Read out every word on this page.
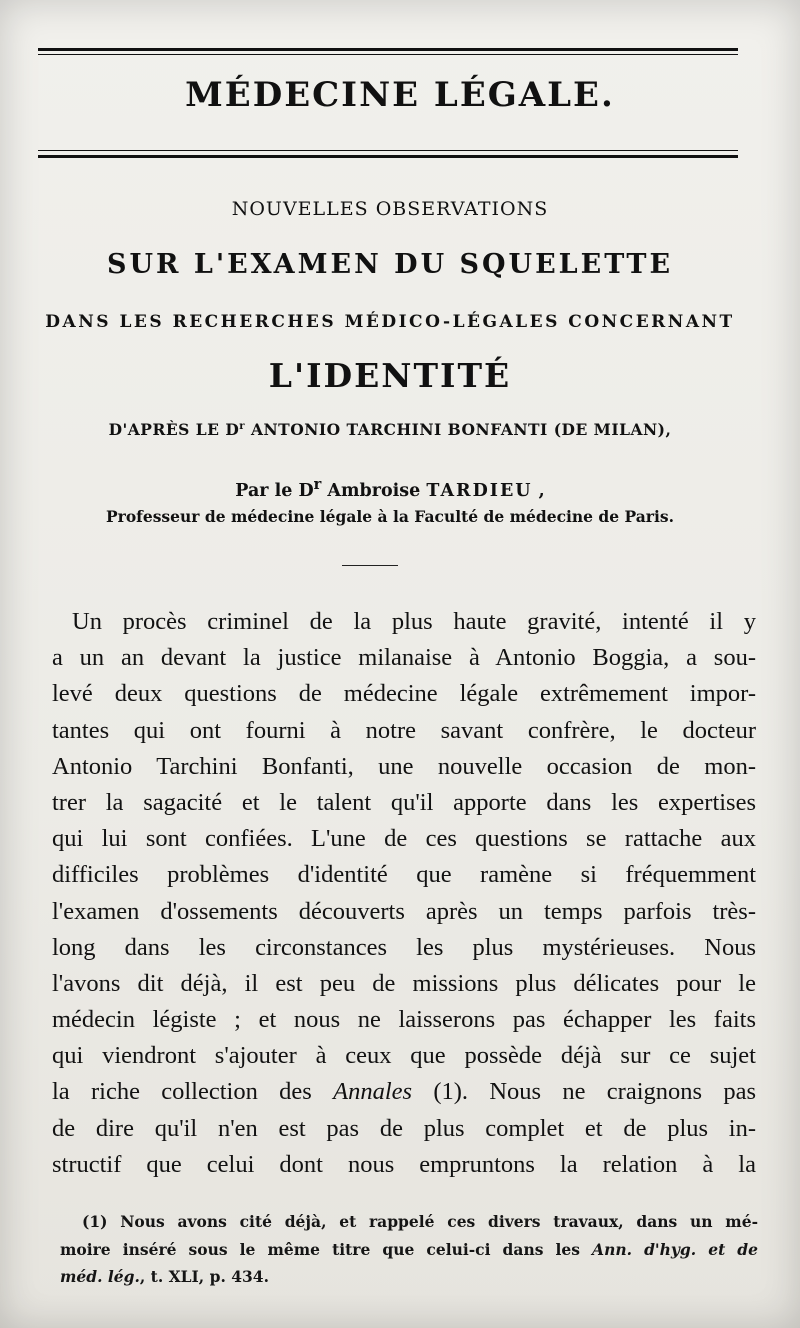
MÉDECINE LÉGALE.
NOUVELLES OBSERVATIONS
SUR L'EXAMEN DU SQUELETTE
DANS LES RECHERCHES MÉDICO-LÉGALES CONCERNANT
L'IDENTITÉ
D'APRÈS LE $D^r$ ANTONIO TARCHINI BONFANTI (DE MILAN),
Par le $D^r$ Ambroise TARDIEU ,
Professeur de médecine légale à la Faculté de médecine de Paris.
Un procès criminel de la plus haute gravité, intenté il y
a un an devant la justice milanaise à Antonio Boggia, a sou-
levé deux questions de médecine légale extrêmement impor-
tantes qui ont fourni à notre savant confrère, le docteur
Antonio Tarchini Bonfanti, une nouvelle occasion de mon-
trer la sagacité et le talent qu'il apporte dans les expertises
qui lui sont confiées. L'une de ces questions se rattache aux
difficiles problèmes d'identité que ramène si fréquemment
l'examen d'ossements découverts après un temps parfois très-
long dans les circonstances les plus mystérieuses. Nous
l'avons dit déjà, il est peu de missions plus délicates pour le
médecin légiste ; et nous ne laisserons pas échapper les faits
qui viendront s'ajouter à ceux que possède déjà sur ce sujet
la riche collection des Annales (1). Nous ne craignons pas
de dire qu'il n'en est pas de plus complet et de plus in-
structif que celui dont nous empruntons la relation à la
(1) Nous avons cité déjà, et rappelé ces divers travaux, dans un mé-
moire inséré sous le même titre que celui-ci dans les Ann. d'hyg. et de
méd. lég., t. XLI, p. 434.
